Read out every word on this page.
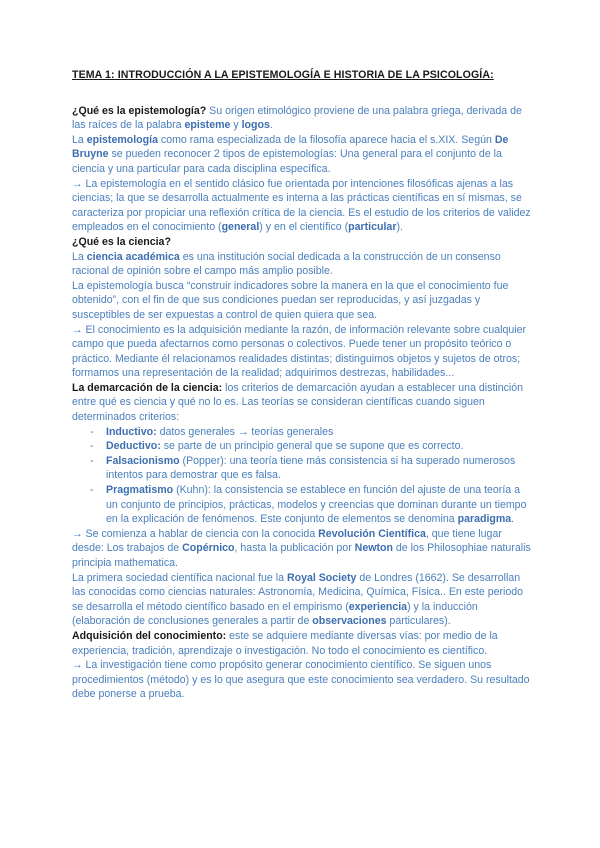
TEMA 1: INTRODUCCIÓN A LA EPISTEMOLOGÍA E HISTORIA DE LA PSICOLOGÍA:

¿Qué es la epistemología? Su origen etimológico proviene de una palabra griega, derivada de las raíces de la palabra episteme y logos.

La epistemología como rama especializada de la filosofía aparece hacia el s.XIX. Según De Bruyne se pueden reconocer 2 tipos de epistemologías: Una general para el conjunto de la ciencia y una particular para cada disciplina específica.

→ La epistemología en el sentido clásico fue orientada por intenciones filosóficas ajenas a las ciencias; la que se desarrolla actualmente es interna a las prácticas científicas en sí mismas, se caracteriza por propiciar una reflexión crítica de la ciencia. Es el estudio de los criterios de validez empleados en el conocimiento (general) y en el científico (particular).

¿Qué es la ciencia?

La ciencia académica es una institución social dedicada a la construcción de un consenso racional de opinión sobre el campo más amplio posible.

La epistemología busca “construir indicadores sobre la manera en la que el conocimiento fue obtenido”, con el fin de que sus condiciones puedan ser reproducidas, y así juzgadas y susceptibles de ser expuestas a control de quien quiera que sea.

→ El conocimiento es la adquisición mediante la razón, de información relevante sobre cualquier campo que pueda afectarnos como personas o colectivos. Puede tener un propósito teórico o práctico. Mediante él relacionamos realidades distintas; distinguimos objetos y sujetos de otros; formamos una representación de la realidad; adquirimos destrezas, habilidades...

La demarcación de la ciencia: los criterios de demarcación ayudan a establecer una distinción entre qué es ciencia y qué no lo es. Las teorías se consideran científicas cuando siguen determinados criterios:

- Inductivo: datos generales → teorías generales
- Deductivo: se parte de un principio general que se supone que es correcto.
- Falsacionismo (Popper): una teoría tiene más consistencia si ha superado numerosos intentos para demostrar que es falsa.
- Pragmatismo (Kuhn): la consistencia se establece en función del ajuste de una teoría a un conjunto de principios, prácticas, modelos y creencias que dominan durante un tiempo en la explicación de fenómenos. Este conjunto de elementos se denomina paradigma.

→ Se comienza a hablar de ciencia con la conocida Revolución Científica, que tiene lugar desde: Los trabajos de Copérnico, hasta la publicación por Newton de los Philosophiae naturalis principia mathematica.

La primera sociedad científica nacional fue la Royal Society de Londres (1662). Se desarrollan las conocidas como ciencias naturales: Astronomía, Medicina, Química, Física.. En este periodo se desarrolla el método científico basado en el empirismo (experiencia) y la inducción (elaboración de conclusiones generales a partir de observaciones particulares).

Adquisición del conocimiento: este se adquiere mediante diversas vías: por medio de la experiencia, tradición, aprendizaje o investigación. No todo el conocimiento es científico.

→ La investigación tiene como propósito generar conocimiento científico. Se siguen unos procedimientos (método) y es lo que asegura que este conocimiento sea verdadero. Su resultado debe ponerse a prueba.
